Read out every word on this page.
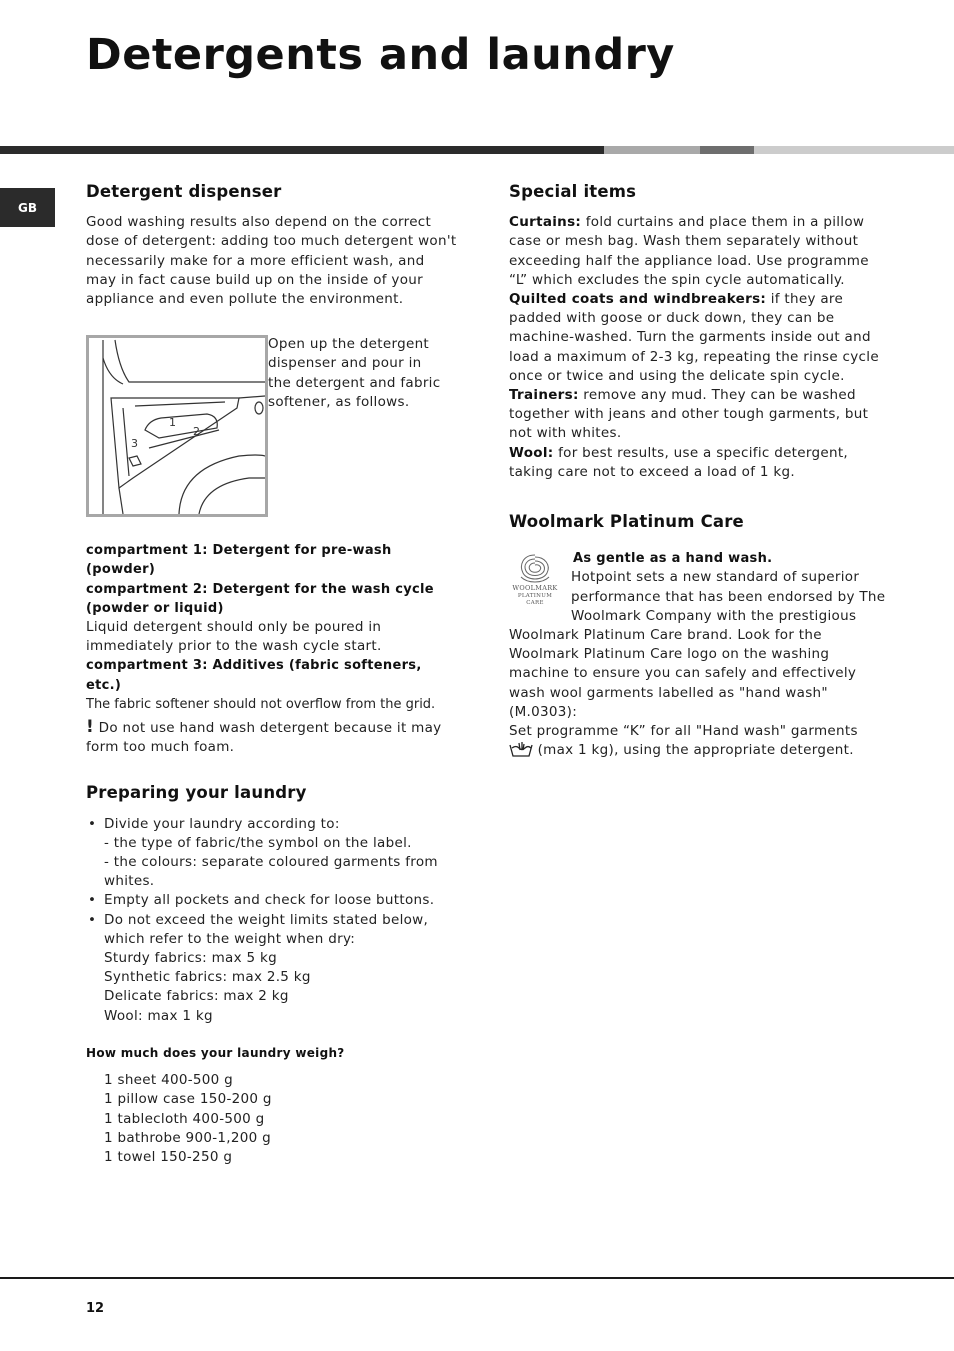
Detergents and laundry
GB
Detergent dispenser

Good washing results also depend on the correct dose of detergent: adding too much detergent won't necessarily make for a more efficient wash, and may in fact cause build up on the inside of your appliance and even pollute the environment.

1
2
3

Open up the detergent dispenser and pour in the detergent and fabric softener, as follows.

compartment 1: Detergent for pre-wash (powder)

compartment 2: Detergent for the wash cycle (powder or liquid)

Liquid detergent should only be poured in immediately prior to the wash cycle start.

compartment 3: Additives (fabric softeners, etc.)

The fabric softener should not overflow from the grid.

! Do not use hand wash detergent because it may form too much foam.

Preparing your laundry
• Divide your laundry according to:
- the type of fabric/the symbol on the label.
- the colours: separate coloured garments from whites.
• Empty all pockets and check for loose buttons.
• Do not exceed the weight limits stated below, which refer to the weight when dry:
Sturdy fabrics: max 5 kg
Synthetic fabrics: max 2.5 kg
Delicate fabrics: max 2 kg
Wool: max 1 kg

How much does your laundry weigh?

1 sheet 400-500 g

1 pillow case 150-200 g

1 tablecloth 400-500 g

1 bathrobe 900-1,200 g

1 towel 150-250 g

Special items

Curtains: fold curtains and place them in a pillow case or mesh bag. Wash them separately without exceeding half the appliance load. Use programme “L” which excludes the spin cycle automatically.

Quilted coats and windbreakers: if they are padded with goose or duck down, they can be machine-washed. Turn the garments inside out and load a maximum of 2-3 kg, repeating the rinse cycle once or twice and using the delicate spin cycle.

Trainers: remove any mud. They can be washed together with jeans and other tough garments, but not with whites.

Wool: for best results, use a specific detergent, taking care not to exceed a load of 1 kg.

Woolmark Platinum Care
WOOLMARK
PLATINUM
CARE

As gentle as a hand wash.

Hotpoint sets a new standard of superior performance that has been endorsed by The Woolmark Company with the prestigious Woolmark Platinum Care brand. Look for the Woolmark Platinum Care logo on the washing machine to ensure you can safely and effectively wash wool garments labelled as "hand wash" (M.0303):

Set programme “K” for all "Hand wash" garments
(max 1 kg), using the appropriate detergent.

12
